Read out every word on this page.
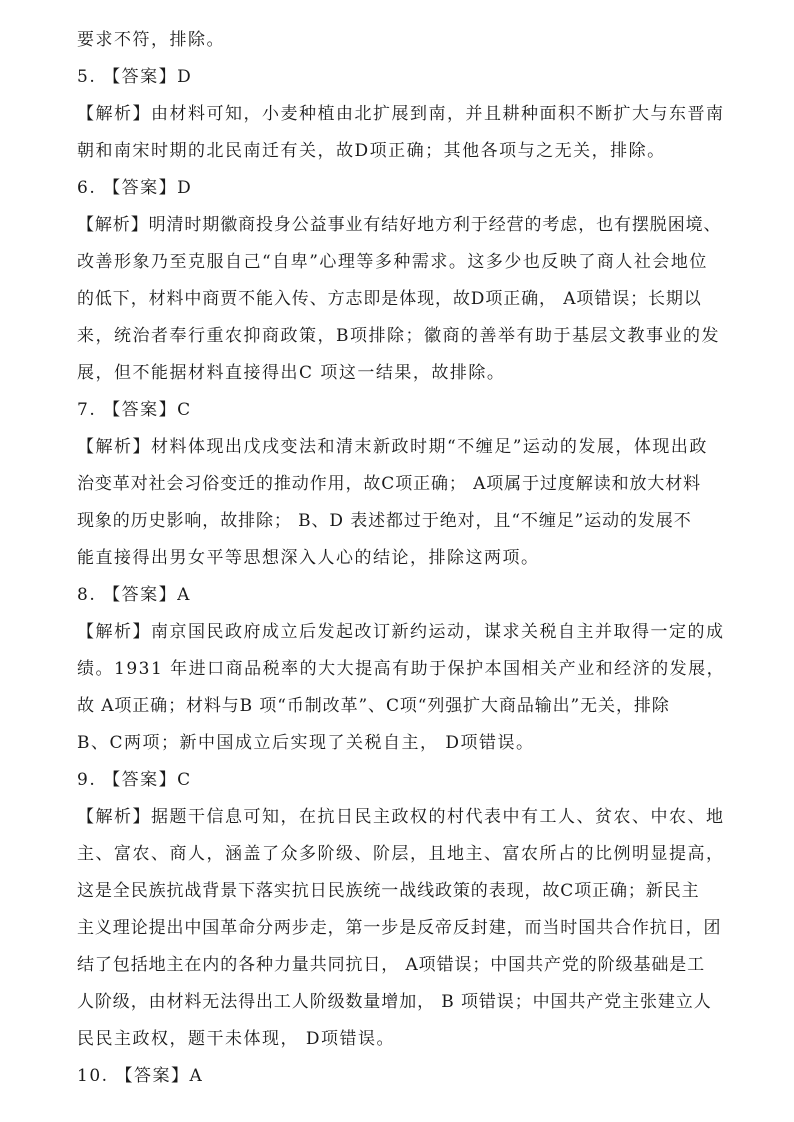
要求不符，排除。
5. 【答案】D
【解析】由材料可知，小麦种植由北扩展到南，并且耕种面积不断扩大与东晋南
朝和南宋时期的北民南迁有关，故D项正确；其他各项与之无关，排除。
6. 【答案】D
【解析】明清时期徽商投身公益事业有结好地方利于经营的考虑，也有摆脱困境、
改善形象乃至克服自己“自卑”心理等多种需求。这多少也反映了商人社会地位
的低下，材料中商贾不能入传、方志即是体现，故D项正确， A项错误；长期以
来，统治者奉行重农抑商政策，B项排除；徽商的善举有助于基层文教事业的发
展，但不能据材料直接得出C 项这一结果，故排除。
7. 【答案】C
【解析】材料体现出戊戌变法和清末新政时期“不缠足”运动的发展，体现出政
治变革对社会习俗变迁的推动作用，故C项正确； A项属于过度解读和放大材料
现象的历史影响，故排除； B、D 表述都过于绝对，且“不缠足”运动的发展不
能直接得出男女平等思想深入人心的结论，排除这两项。
8. 【答案】A
【解析】南京国民政府成立后发起改订新约运动，谋求关税自主并取得一定的成
绩。1931 年进口商品税率的大大提高有助于保护本国相关产业和经济的发展，
故 A项正确；材料与B 项“币制改革”、C项“列强扩大商品输出”无关，排除
B、C两项；新中国成立后实现了关税自主， D项错误。
9. 【答案】C
【解析】据题干信息可知，在抗日民主政权的村代表中有工人、贫农、中农、地
主、富农、商人，涵盖了众多阶级、阶层，且地主、富农所占的比例明显提高，
这是全民族抗战背景下落实抗日民族统一战线政策的表现，故C项正确；新民主
主义理论提出中国革命分两步走，第一步是反帝反封建，而当时国共合作抗日，团
结了包括地主在内的各种力量共同抗日， A项错误；中国共产党的阶级基础是工
人阶级，由材料无法得出工人阶级数量增加， B 项错误；中国共产党主张建立人
民民主政权，题干未体现， D项错误。
10. 【答案】A
